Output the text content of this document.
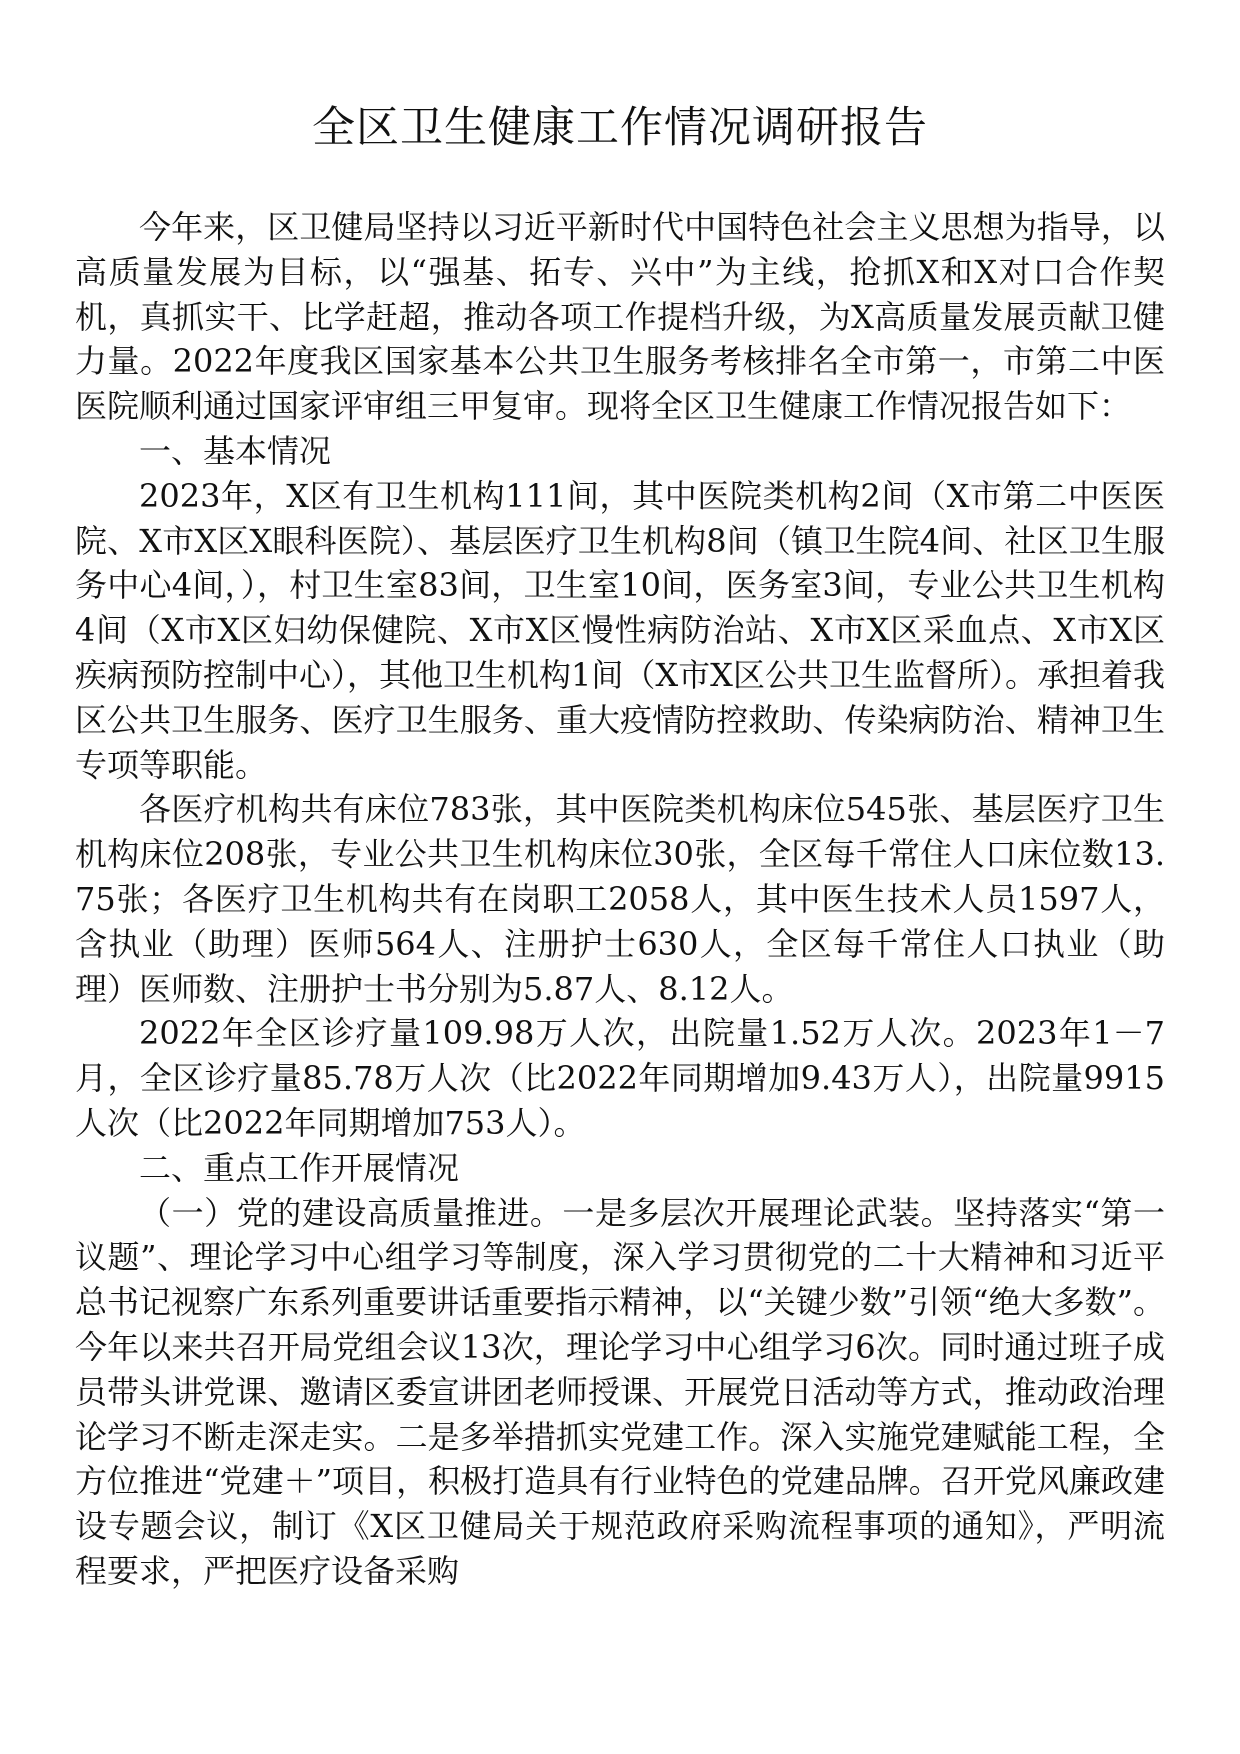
全区卫生健康工作情况调研报告

今年来，区卫健局坚持以习近平新时代中国特色社会主义思想为指导，以高质量发展为目标，以“强基、拓专、兴中”为主线，抢抓X和X对口合作契机，真抓实干、比学赶超，推动各项工作提档升级，为X高质量发展贡献卫健力量。2022年度我区国家基本公共卫生服务考核排名全市第一，市第二中医医院顺利通过国家评审组三甲复审。现将全区卫生健康工作情况报告如下：

一、基本情况

2023年，X区有卫生机构111间，其中医院类机构2间（X市第二中医医院、X市X区X眼科医院）、基层医疗卫生机构8间（镇卫生院4间、社区卫生服务中心4间，），村卫生室83间，卫生室10间，医务室3间，专业公共卫生机构4间（X市X区妇幼保健院、X市X区慢性病防治站、X市X区采血点、X市X区疾病预防控制中心），其他卫生机构1间（X市X区公共卫生监督所）。承担着我区公共卫生服务、医疗卫生服务、重大疫情防控救助、传染病防治、精神卫生专项等职能。

各医疗机构共有床位783张，其中医院类机构床位545张、基层医疗卫生机构床位208张，专业公共卫生机构床位30张，全区每千常住人口床位数13.75张；各医疗卫生机构共有在岗职工2058人，其中医生技术人员1597人，含执业（助理）医师564人、注册护士630人，全区每千常住人口执业（助理）医师数、注册护士书分别为5.87人、8.12人。

2022年全区诊疗量109.98万人次，出院量1.52万人次。2023年1－7月，全区诊疗量85.78万人次（比2022年同期增加9.43万人），出院量9915人次（比2022年同期增加753人）。

二、重点工作开展情况

（一）党的建设高质量推进。一是多层次开展理论武装。坚持落实“第一议题”、理论学习中心组学习等制度，深入学习贯彻党的二十大精神和习近平总书记视察广东系列重要讲话重要指示精神，以“关键少数”引领“绝大多数”。今年以来共召开局党组会议13次，理论学习中心组学习6次。同时通过班子成员带头讲党课、邀请区委宣讲团老师授课、开展党日活动等方式，推动政治理论学习不断走深走实。二是多举措抓实党建工作。深入实施党建赋能工程，全方位推进“党建＋”项目，积极打造具有行业特色的党建品牌。召开党风廉政建设专题会议，制订《X区卫健局关于规范政府采购流程事项的通知》，严明流程要求，严把医疗设备采购
